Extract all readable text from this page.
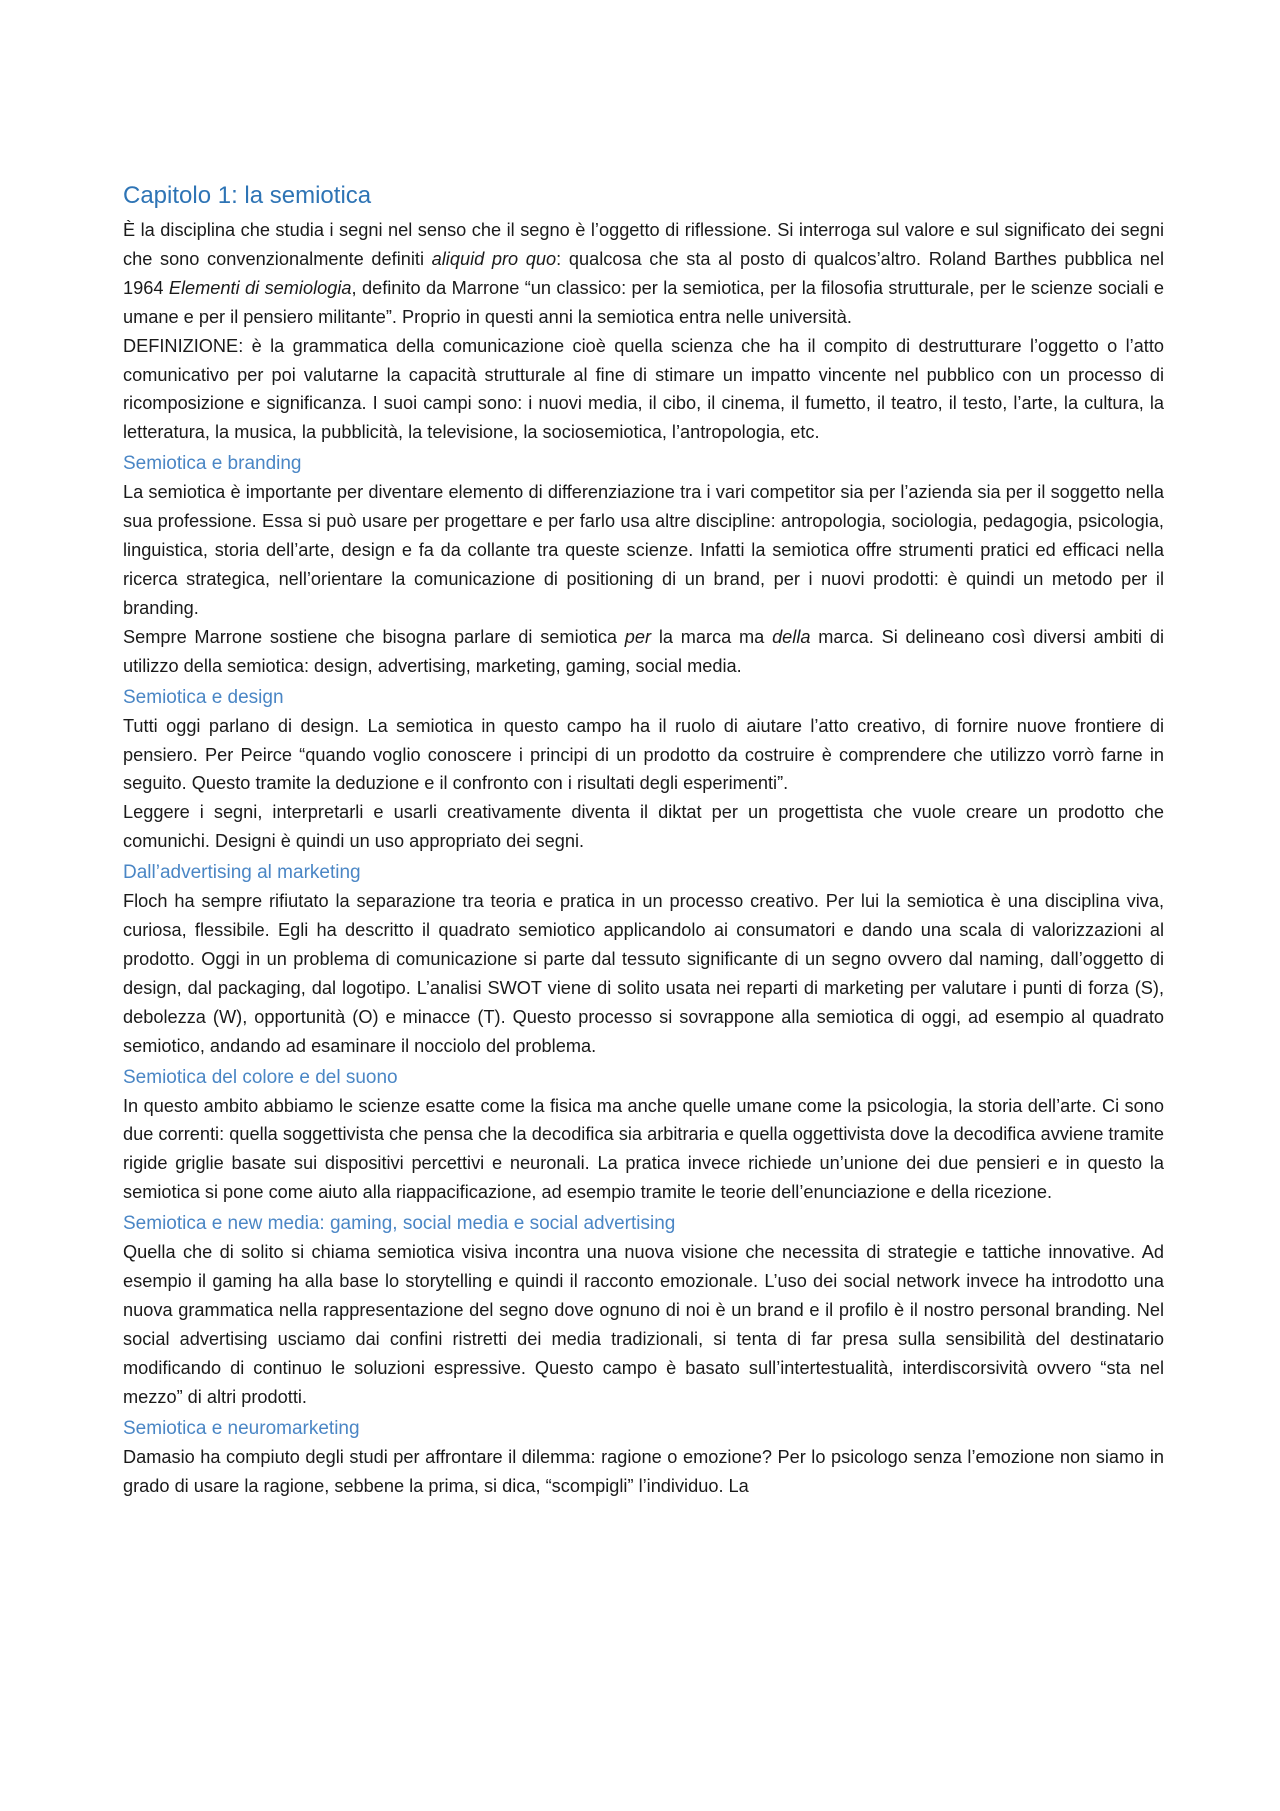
Capitolo 1: la semiotica

È la disciplina che studia i segni nel senso che il segno è l’oggetto di riflessione. Si interroga sul valore e sul significato dei segni che sono convenzionalmente definiti aliquid pro quo: qualcosa che sta al posto di qualcos’altro. Roland Barthes pubblica nel 1964 Elementi di semiologia, definito da Marrone “un classico: per la semiotica, per la filosofia strutturale, per le scienze sociali e umane e per il pensiero militante”. Proprio in questi anni la semiotica entra nelle università.

DEFINIZIONE: è la grammatica della comunicazione cioè quella scienza che ha il compito di destrutturare l’oggetto o l’atto comunicativo per poi valutarne la capacità strutturale al fine di stimare un impatto vincente nel pubblico con un processo di ricomposizione e significanza. I suoi campi sono: i nuovi media, il cibo, il cinema, il fumetto, il teatro, il testo, l’arte, la cultura, la letteratura, la musica, la pubblicità, la televisione, la sociosemiotica, l’antropologia, etc.

Semiotica e branding

La semiotica è importante per diventare elemento di differenziazione tra i vari competitor sia per l’azienda sia per il soggetto nella sua professione. Essa si può usare per progettare e per farlo usa altre discipline: antropologia, sociologia, pedagogia, psicologia, linguistica, storia dell’arte, design e fa da collante tra queste scienze. Infatti la semiotica offre strumenti pratici ed efficaci nella ricerca strategica, nell’orientare la comunicazione di positioning di un brand, per i nuovi prodotti: è quindi un metodo per il branding.

Sempre Marrone sostiene che bisogna parlare di semiotica per la marca ma della marca. Si delineano così diversi ambiti di utilizzo della semiotica: design, advertising, marketing, gaming, social media.

Semiotica e design

Tutti oggi parlano di design. La semiotica in questo campo ha il ruolo di aiutare l’atto creativo, di fornire nuove frontiere di pensiero. Per Peirce “quando voglio conoscere i principi di un prodotto da costruire è comprendere che utilizzo vorrò farne in seguito. Questo tramite la deduzione e il confronto con i risultati degli esperimenti”.

Leggere i segni, interpretarli e usarli creativamente diventa il diktat per un progettista che vuole creare un prodotto che comunichi. Designi è quindi un uso appropriato dei segni.

Dall’advertising al marketing

Floch ha sempre rifiutato la separazione tra teoria e pratica in un processo creativo. Per lui la semiotica è una disciplina viva, curiosa, flessibile. Egli ha descritto il quadrato semiotico applicandolo ai consumatori e dando una scala di valorizzazioni al prodotto. Oggi in un problema di comunicazione si parte dal tessuto significante di un segno ovvero dal naming, dall’oggetto di design, dal packaging, dal logotipo. L’analisi SWOT viene di solito usata nei reparti di marketing per valutare i punti di forza (S), debolezza (W), opportunità (O) e minacce (T). Questo processo si sovrappone alla semiotica di oggi, ad esempio al quadrato semiotico, andando ad esaminare il nocciolo del problema.

Semiotica del colore e del suono

In questo ambito abbiamo le scienze esatte come la fisica ma anche quelle umane come la psicologia, la storia dell’arte. Ci sono due correnti: quella soggettivista che pensa che la decodifica sia arbitraria e quella oggettivista dove la decodifica avviene tramite rigide griglie basate sui dispositivi percettivi e neuronali. La pratica invece richiede un’unione dei due pensieri e in questo la semiotica si pone come aiuto alla riappacificazione, ad esempio tramite le teorie dell’enunciazione e della ricezione.

Semiotica e new media: gaming, social media e social advertising

Quella che di solito si chiama semiotica visiva incontra una nuova visione che necessita di strategie e tattiche innovative. Ad esempio il gaming ha alla base lo storytelling e quindi il racconto emozionale. L’uso dei social network invece ha introdotto una nuova grammatica nella rappresentazione del segno dove ognuno di noi è un brand e il profilo è il nostro personal branding. Nel social advertising usciamo dai confini ristretti dei media tradizionali, si tenta di far presa sulla sensibilità del destinatario modificando di continuo le soluzioni espressive. Questo campo è basato sull’intertestualità, interdiscorsività ovvero “sta nel mezzo” di altri prodotti.

Semiotica e neuromarketing

Damasio ha compiuto degli studi per affrontare il dilemma: ragione o emozione? Per lo psicologo senza l’emozione non siamo in grado di usare la ragione, sebbene la prima, si dica, “scompigli” l’individuo. La
